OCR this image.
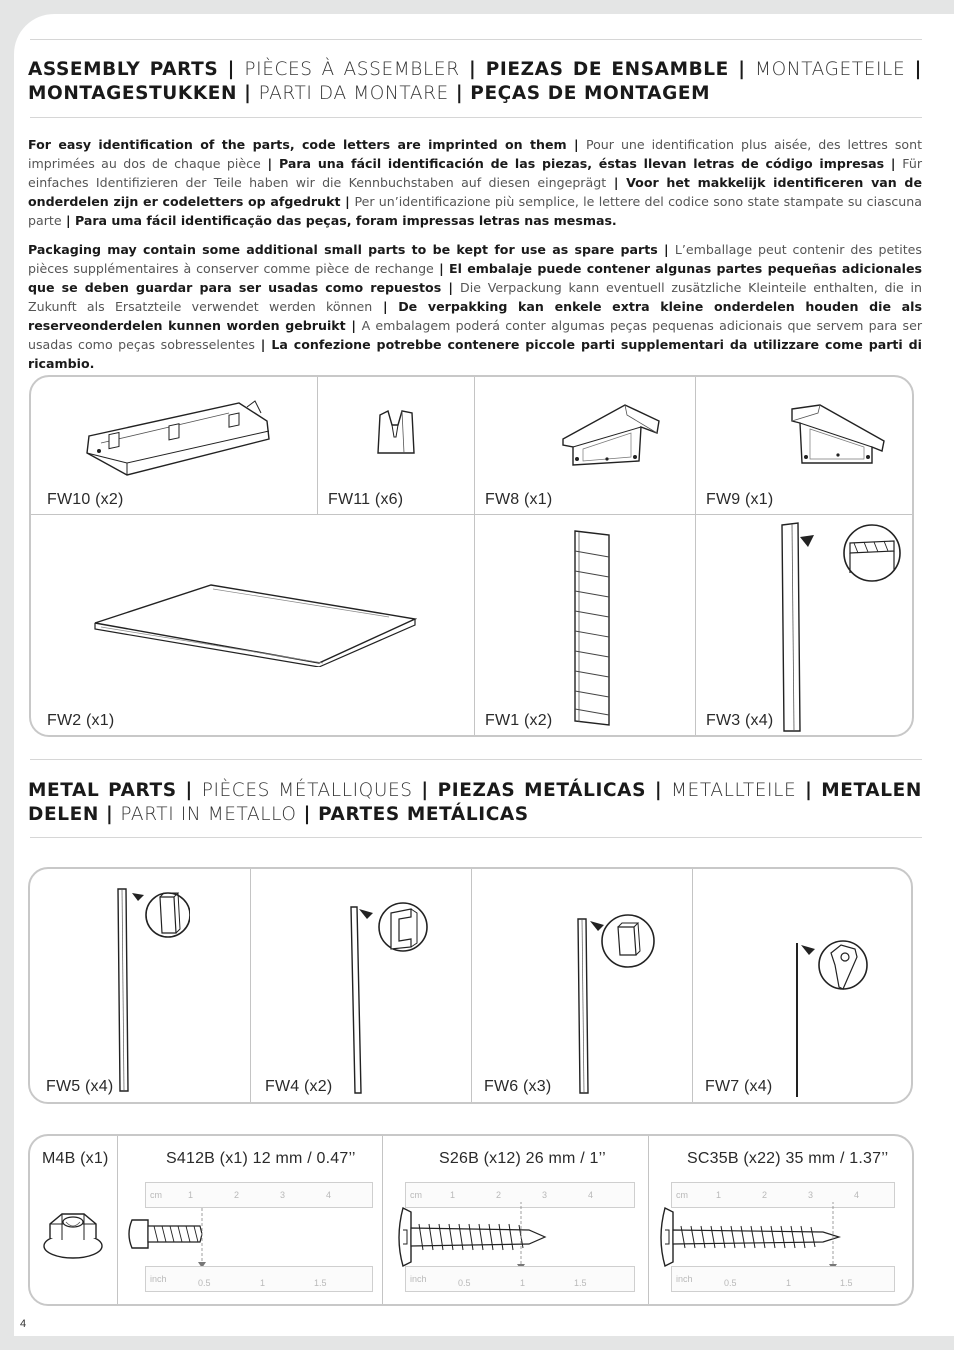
ASSEMBLY PARTS | PIÈCES À ASSEMBLER | PIEZAS DE ENSAMBLE | MONTAGETEILE | MONTAGESTUKKEN | PARTI DA MONTARE | PEÇAS DE MONTAGEM
For easy identification of the parts, code letters are imprinted on them | Pour une identification plus aisée, des lettres sont imprimées au dos de chaque pièce | Para una fácil identificación de las piezas, éstas llevan letras de código impresas | Für einfaches Identifizieren der Teile haben wir die Kennbuchstaben auf diesen eingeprägt | Voor het makkelijk identificeren van de onderdelen zijn er codeletters op afgedrukt | Per un’identificazione più semplice, le lettere del codice sono state stampate su ciascuna parte | Para uma fácil identificação das peças, foram impressas letras nas mesmas.
Packaging may contain some additional small parts to be kept for use as spare parts | L’emballage peut contenir des petites pièces supplémentaires à conserver comme pièce de rechange | El embalaje puede contener algunas partes pequeñas adicionales que se deben guardar para ser usadas como repuestos | Die Verpackung kann eventuell zusätzliche Kleinteile enthalten, die in Zukunft als Ersatzteile verwendet werden können | De verpakking kan enkele extra kleine onderdelen houden die als reserveonderdelen kunnen worden gebruikt | A embalagem poderá conter algumas peças pequenas adicionais que servem para ser usadas como peças sobresselentes | La confezione potrebbe contenere piccole parti supplementari da utilizzare come parti di ricambio.
FW10 (x2)	FW11 (x6)	FW8 (x1)	FW9 (x1)
FW2 (x1)	FW1 (x2)	FW3 (x4)
METAL PARTS | PIÈCES MÉTALLIQUES | PIEZAS METÁLICAS | METALLTEILE | METALEN DELEN | PARTI IN METALLO | PARTES METÁLICAS
FW5 (x4)	FW4 (x2)	FW6 (x3)	FW7 (x4)
M4B (x1)	S412B (x1) 12 mm / 0.47’’
cm	1	2	3	4
inch	0.5	1	1.5
S26B (x12) 26 mm / 1’’
cm	1	2	3	4
inch	0.5	1	1.5
SC35B (x22) 35 mm / 1.37’’
cm	1	2	3	4
inch	0.5	1	1.5
4
